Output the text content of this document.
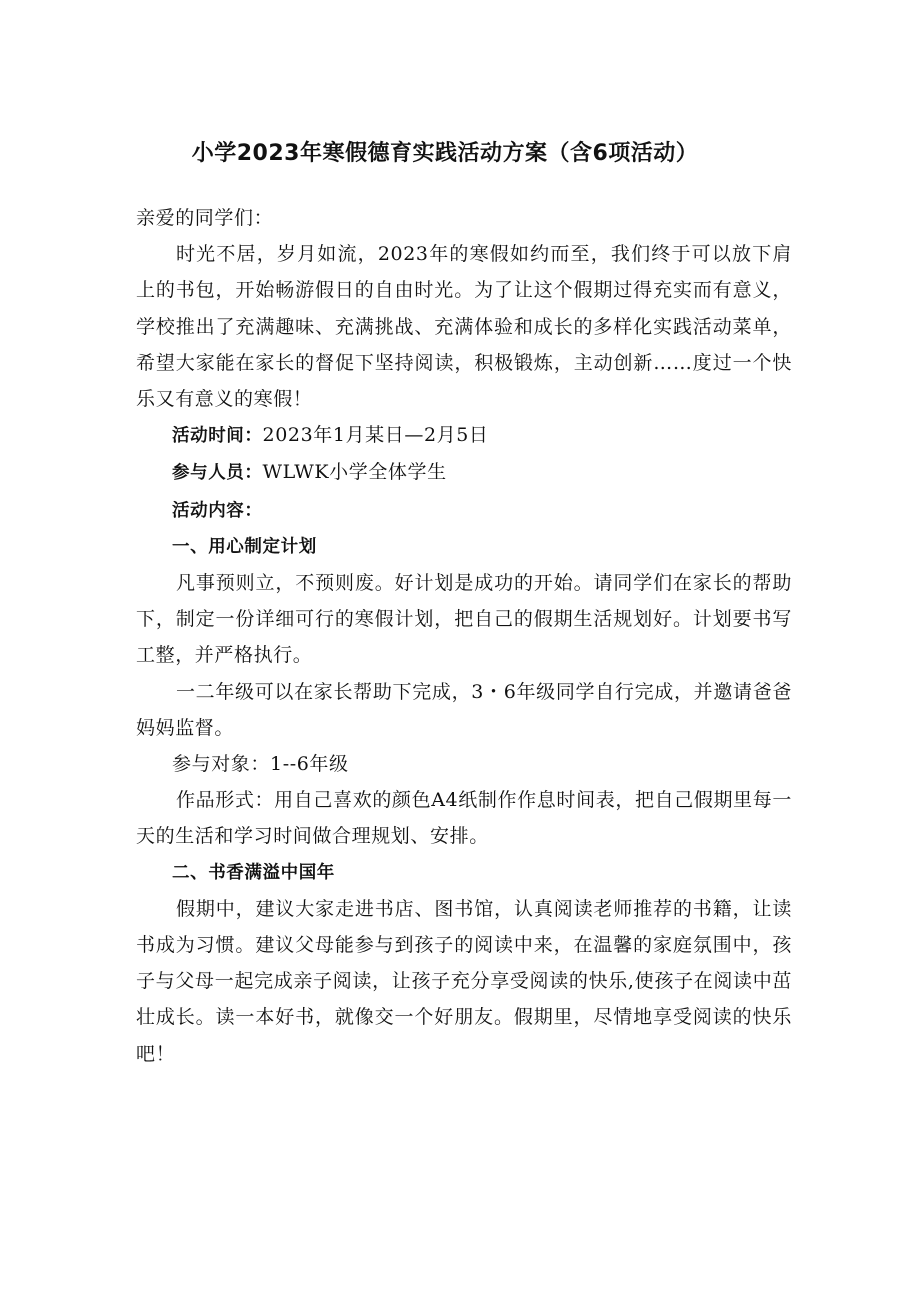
小学2023年寒假德育实践活动方案（含6项活动）

亲爱的同学们：

时光不居，岁月如流，2023年的寒假如约而至，我们终于可以放下肩上的书包，开始畅游假日的自由时光。为了让这个假期过得充实而有意义，学校推出了充满趣味、充满挑战、充满体验和成长的多样化实践活动菜单，希望大家能在家长的督促下坚持阅读，积极锻炼，主动创新……度过一个快乐又有意义的寒假！

活动时间：2023年1月某日—2月5日

参与人员：WLWK小学全体学生

活动内容：

一、用心制定计划

凡事预则立，不预则废。好计划是成功的开始。请同学们在家长的帮助下，制定一份详细可行的寒假计划，把自己的假期生活规划好。计划要书写工整，并严格执行。

一二年级可以在家长帮助下完成，3・6年级同学自行完成，并邀请爸爸妈妈监督。

参与对象：1--6年级

作品形式：用自己喜欢的颜色A4纸制作作息时间表，把自己假期里每一天的生活和学习时间做合理规划、安排。

二、书香满溢中国年

假期中，建议大家走进书店、图书馆，认真阅读老师推荐的书籍，让读书成为习惯。建议父母能参与到孩子的阅读中来，在温馨的家庭氛围中，孩子与父母一起完成亲子阅读，让孩子充分享受阅读的快乐,使孩子在阅读中茁壮成长。读一本好书，就像交一个好朋友。假期里，尽情地享受阅读的快乐吧！
